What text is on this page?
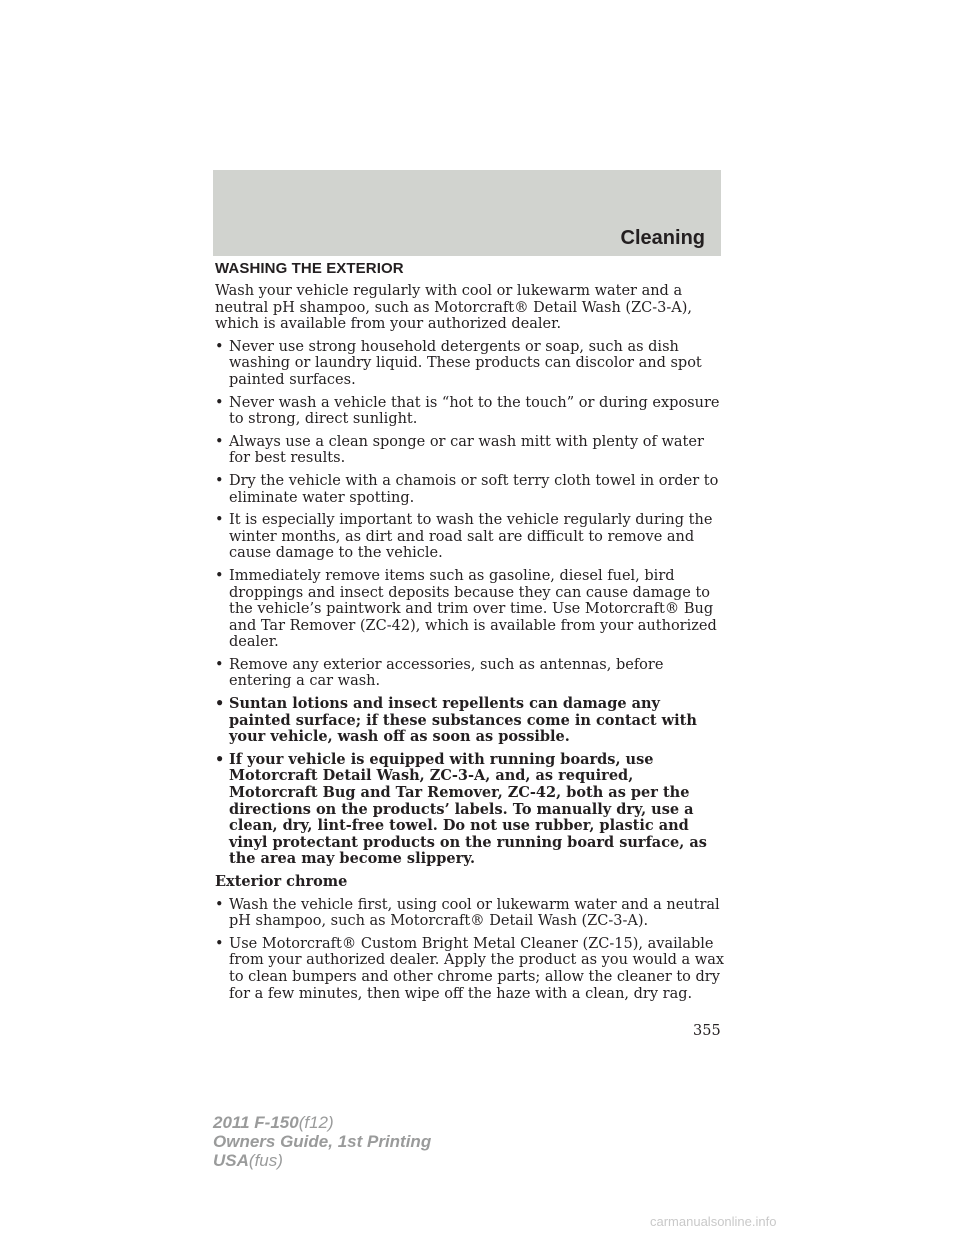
Cleaning
WASHING THE EXTERIOR

Wash your vehicle regularly with cool or lukewarm water and a neutral pH shampoo, such as Motorcraft® Detail Wash (ZC-3-A), which is available from your authorized dealer.

• Never use strong household detergents or soap, such as dish washing or laundry liquid. These products can discolor and spot painted surfaces.
• Never wash a vehicle that is “hot to the touch” or during exposure to strong, direct sunlight.
• Always use a clean sponge or car wash mitt with plenty of water for best results.
• Dry the vehicle with a chamois or soft terry cloth towel in order to eliminate water spotting.
• It is especially important to wash the vehicle regularly during the winter months, as dirt and road salt are difficult to remove and cause damage to the vehicle.
• Immediately remove items such as gasoline, diesel fuel, bird droppings and insect deposits because they can cause damage to the vehicle’s paintwork and trim over time. Use Motorcraft® Bug and Tar Remover (ZC-42), which is available from your authorized dealer.
• Remove any exterior accessories, such as antennas, before entering a car wash.
• Suntan lotions and insect repellents can damage any painted surface; if these substances come in contact with your vehicle, wash off as soon as possible.
• If your vehicle is equipped with running boards, use Motorcraft Detail Wash, ZC-3-A, and, as required, Motorcraft Bug and Tar Remover, ZC-42, both as per the directions on the products’ labels. To manually dry, use a clean, dry, lint-free towel. Do not use rubber, plastic and vinyl protectant products on the running board surface, as the area may become slippery.
Exterior chrome
• Wash the vehicle first, using cool or lukewarm water and a neutral pH shampoo, such as Motorcraft® Detail Wash (ZC-3-A).
• Use Motorcraft® Custom Bright Metal Cleaner (ZC-15), available from your authorized dealer. Apply the product as you would a wax to clean bumpers and other chrome parts; allow the cleaner to dry for a few minutes, then wipe off the haze with a clean, dry rag.
355
2011 F-150(f12)
Owners Guide, 1st Printing
USA(fus)
carmanualsonline.info
